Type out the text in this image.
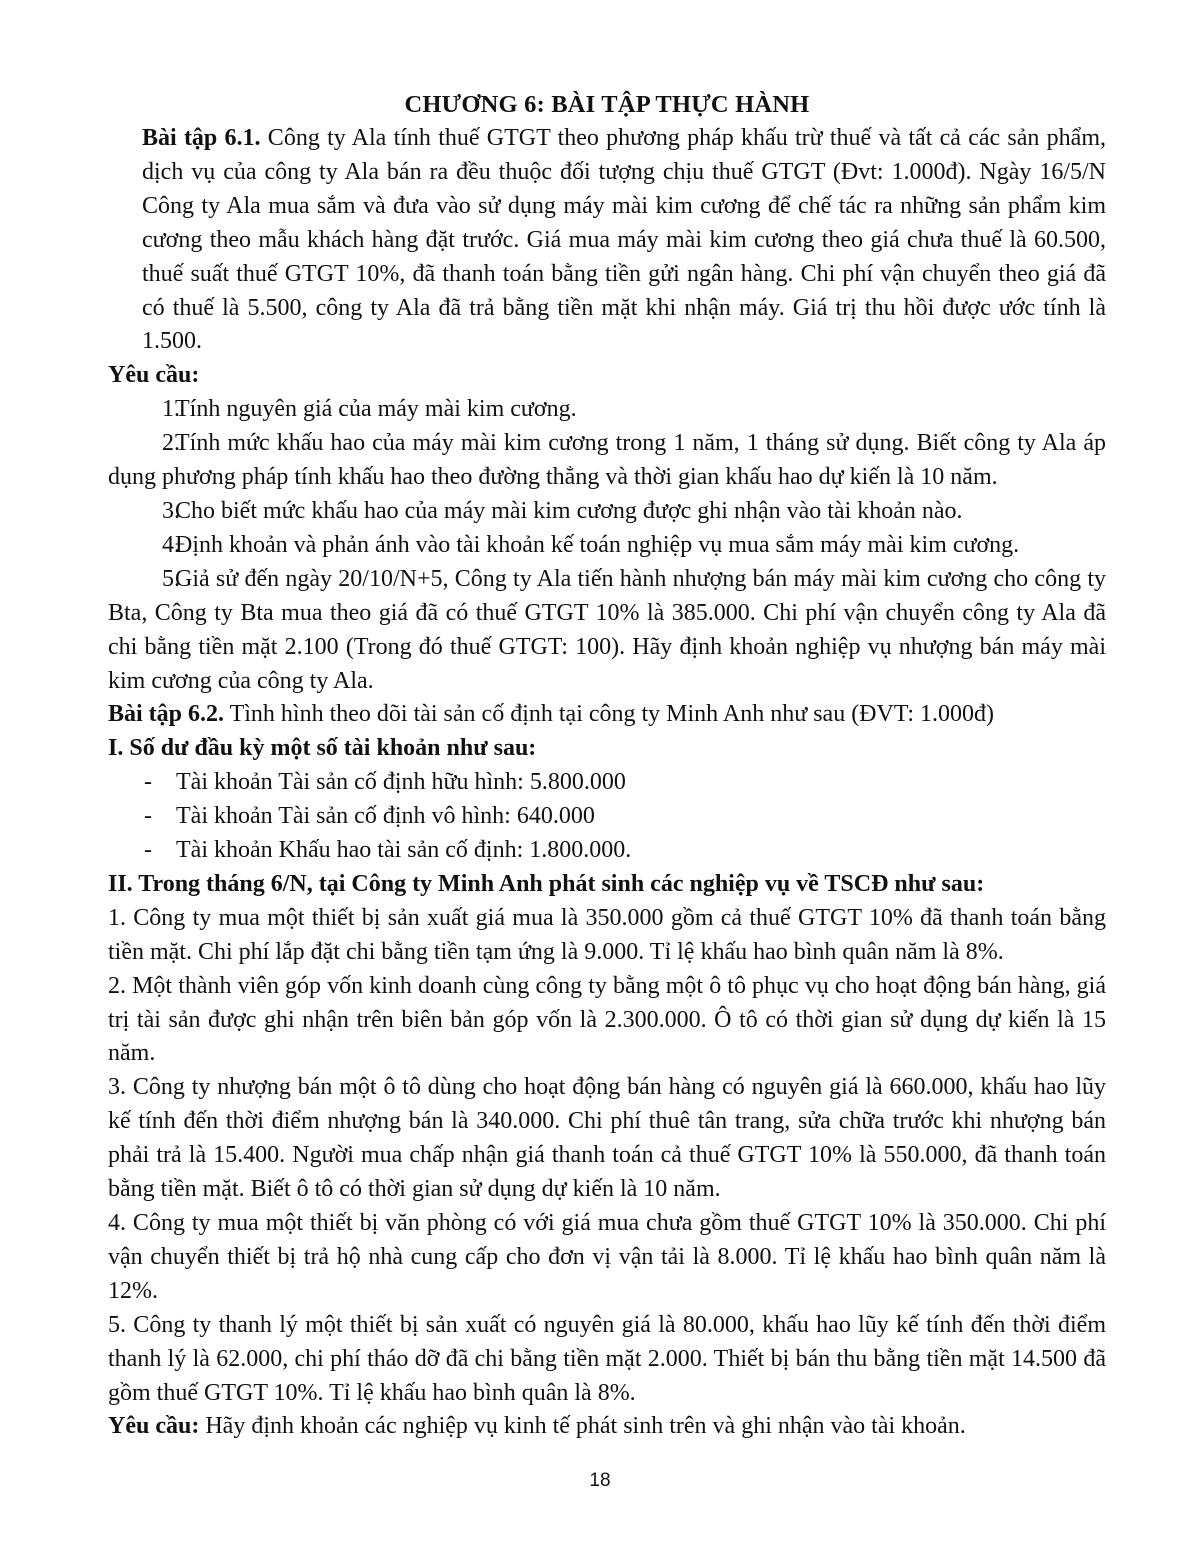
CHƯƠNG 6: BÀI TẬP THỰC HÀNH

Bài tập 6.1. Công ty Ala tính thuế GTGT theo phương pháp khấu trừ thuế và tất cả các sản phẩm, dịch vụ của công ty Ala bán ra đều thuộc đối tượng chịu thuế GTGT (Đvt: 1.000đ). Ngày 16/5/N Công ty Ala mua sắm và đưa vào sử dụng máy mài kim cương để chế tác ra những sản phẩm kim cương theo mẫu khách hàng đặt trước. Giá mua máy mài kim cương theo giá chưa thuế là 60.500, thuế suất thuế GTGT 10%, đã thanh toán bằng tiền gửi ngân hàng. Chi phí vận chuyển theo giá đã có thuế là 5.500, công ty Ala đã trả bằng tiền mặt khi nhận máy. Giá trị thu hồi được ước tính là 1.500.

Yêu cầu:

1.Tính nguyên giá của máy mài kim cương.

2.Tính mức khấu hao của máy mài kim cương trong 1 năm, 1 tháng sử dụng. Biết công ty Ala áp dụng phương pháp tính khấu hao theo đường thẳng và thời gian khấu hao dự kiến là 10 năm.

3.Cho biết mức khấu hao của máy mài kim cương được ghi nhận vào tài khoản nào.

4.Định khoản và phản ánh vào tài khoản kế toán nghiệp vụ mua sắm máy mài kim cương.

5.Giả sử đến ngày 20/10/N+5, Công ty Ala tiến hành nhượng bán máy mài kim cương cho công ty Bta, Công ty Bta mua theo giá đã có thuế GTGT 10% là 385.000. Chi phí vận chuyển công ty Ala đã chi bằng tiền mặt 2.100 (Trong đó thuế GTGT: 100). Hãy định khoản nghiệp vụ nhượng bán máy mài kim cương của công ty Ala.

Bài tập 6.2. Tình hình theo dõi tài sản cố định tại công ty Minh Anh như sau (ĐVT: 1.000đ)

I. Số dư đầu kỳ một số tài khoản như sau:

- Tài khoản Tài sản cố định hữu hình: 5.800.000

- Tài khoản Tài sản cố định vô hình: 640.000

- Tài khoản Khấu hao tài sản cố định: 1.800.000.

II. Trong tháng 6/N, tại Công ty Minh Anh phát sinh các nghiệp vụ về TSCĐ như sau:

1. Công ty mua một thiết bị sản xuất giá mua là 350.000 gồm cả thuế GTGT 10% đã thanh toán bằng tiền mặt. Chi phí lắp đặt chi bằng tiền tạm ứng là 9.000. Tỉ lệ khấu hao bình quân năm là 8%.

2. Một thành viên góp vốn kinh doanh cùng công ty bằng một ô tô phục vụ cho hoạt động bán hàng, giá trị tài sản được ghi nhận trên biên bản góp vốn là 2.300.000. Ô tô có thời gian sử dụng dự kiến là 15 năm.

3. Công ty nhượng bán một ô tô dùng cho hoạt động bán hàng có nguyên giá là 660.000, khấu hao lũy kế tính đến thời điểm nhượng bán là 340.000. Chi phí thuê tân trang, sửa chữa trước khi nhượng bán phải trả là 15.400. Người mua chấp nhận giá thanh toán cả thuế GTGT 10% là 550.000, đã thanh toán bằng tiền mặt. Biết ô tô có thời gian sử dụng dự kiến là 10 năm.

4. Công ty mua một thiết bị văn phòng có với giá mua chưa gồm thuế GTGT 10% là 350.000. Chi phí vận chuyển thiết bị trả hộ nhà cung cấp cho đơn vị vận tải là 8.000. Tỉ lệ khấu hao bình quân năm là 12%.

5. Công ty thanh lý một thiết bị sản xuất có nguyên giá là 80.000, khấu hao lũy kế tính đến thời điểm thanh lý là 62.000, chi phí tháo dỡ đã chi bằng tiền mặt 2.000. Thiết bị bán thu bằng tiền mặt 14.500 đã gồm thuế GTGT 10%. Tỉ lệ khấu hao bình quân là 8%.

Yêu cầu: Hãy định khoản các nghiệp vụ kinh tế phát sinh trên và ghi nhận vào tài khoản.

18
